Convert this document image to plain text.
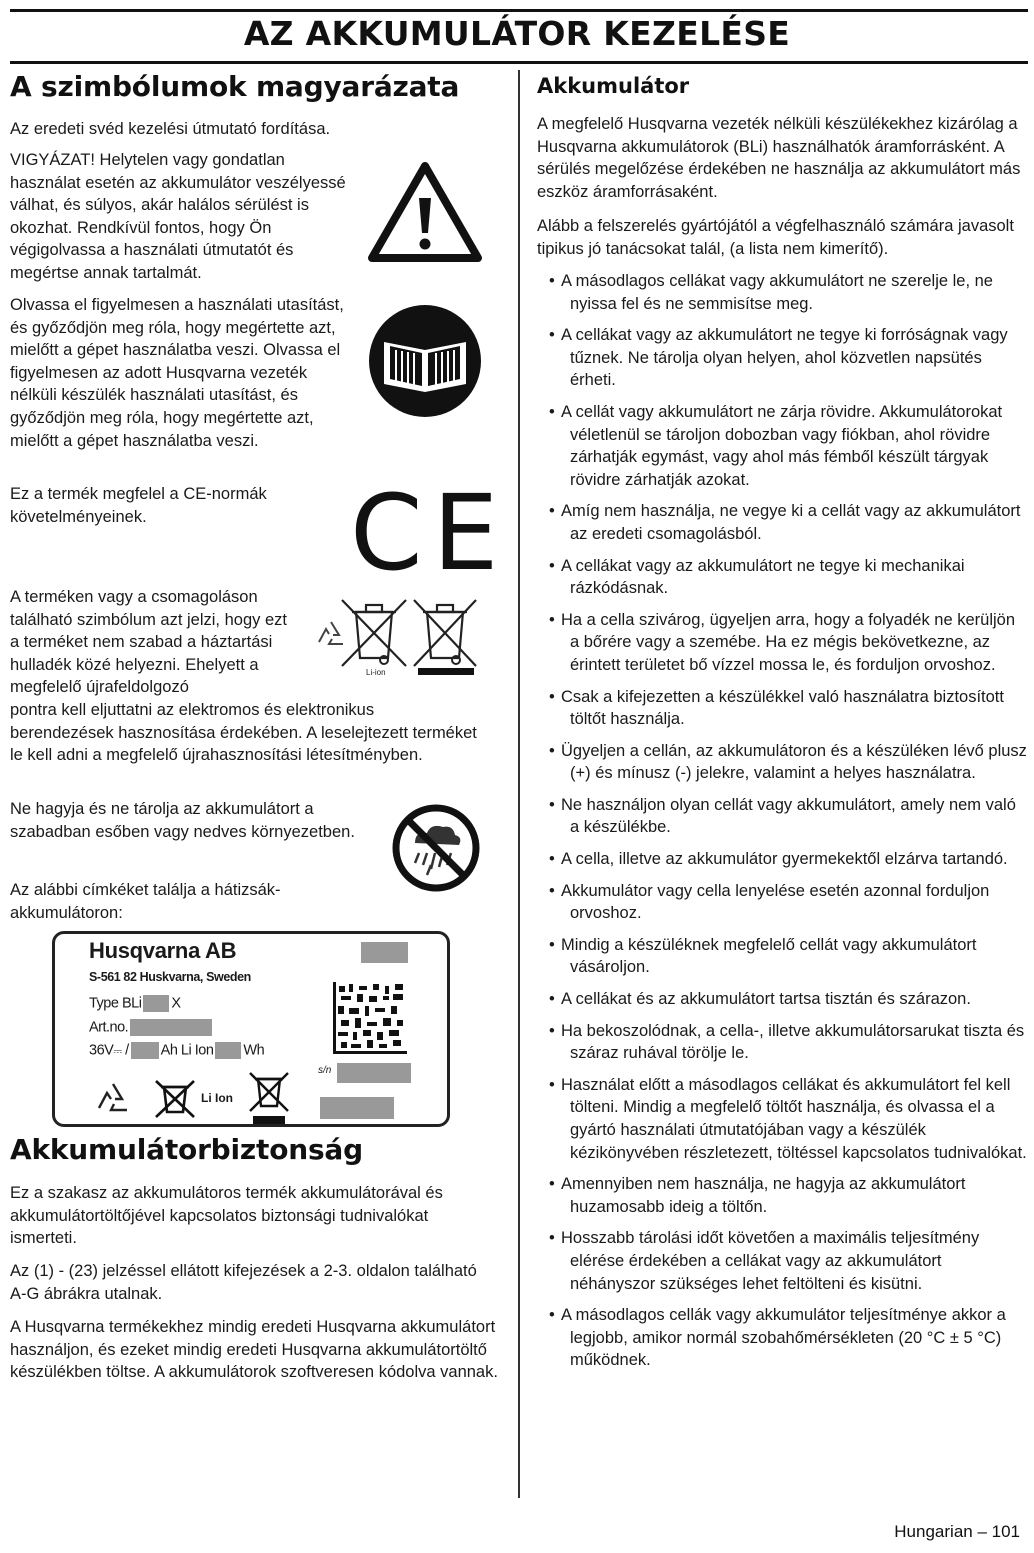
AZ AKKUMULÁTOR KEZELÉSE
A szimbólumok magyarázata
Az eredeti svéd kezelési útmutató fordítása.
VIGYÁZAT! Helytelen vagy gondatlan használat esetén az akkumulátor veszélyessé válhat, és súlyos, akár halálos sérülést is okozhat. Rendkívül fontos, hogy Ön végigolvassa a használati útmutatót és megértse annak tartalmát.
Olvassa el figyelmesen a használati utasítást, és győződjön meg róla, hogy megértette azt, mielőtt a gépet használatba veszi. Olvassa el figyelmesen az adott Husqvarna vezeték nélküli készülék használati utasítást, és győződjön meg róla, hogy megértette azt, mielőtt a gépet használatba veszi.
Ez a termék megfelel a CE-normák követelményeinek.	CE
A terméken vagy a csomagoláson található szimbólum azt jelzi, hogy ezt a terméket nem szabad a háztartási hulladék közé helyezni. Ehelyett a megfelelő újrafeldolgozó
Li-ion
pontra kell eljuttatni az elektromos és elektronikus berendezések hasznosítása érdekében. A leselejtezett terméket le kell adni a megfelelő újrahasznosítási létesítményben.
Ne hagyja és ne tárolja az akkumulátort a szabadban esőben vagy nedves környezetben.
Az alábbi címkéket találja a hátizsák-akkumulátoron:
Husqvarna AB
S-561 82 Huskvarna, Sweden
Type BLi X
Art.no.
36V⎓ / Ah Li Ion Wh
s/n
Li Ion
Akkumulátorbiztonság
Ez a szakasz az akkumulátoros termék akkumulátorával és akkumulátortöltőjével kapcsolatos biztonsági tudnivalókat ismerteti.
Az (1) - (23) jelzéssel ellátott kifejezések a 2-3. oldalon található A-G ábrákra utalnak.
A Husqvarna termékekhez mindig eredeti Husqvarna akkumulátort használjon, és ezeket mindig eredeti Husqvarna akkumulátortöltő készülékben töltse. A akkumulátorok szoftveresen kódolva vannak.
Akkumulátor
A megfelelő Husqvarna vezeték nélküli készülékekhez kizárólag a Husqvarna akkumulátorok (BLi) használhatók áramforrásként. A sérülés megelőzése érdekében ne használja az akkumulátort más eszköz áramforrásaként.
Alább a felszerelés gyártójától a végfelhasználó számára javasolt tipikus jó tanácsokat talál, (a lista nem kimerítő).
• A másodlagos cellákat vagy akkumulátort ne szerelje le, ne nyissa fel és ne semmisítse meg.
• A cellákat vagy az akkumulátort ne tegye ki forróságnak vagy tűznek. Ne tárolja olyan helyen, ahol közvetlen napsütés érheti.
• A cellát vagy akkumulátort ne zárja rövidre. Akkumulátorokat véletlenül se tároljon dobozban vagy fiókban, ahol rövidre zárhatják egymást, vagy ahol más fémből készült tárgyak rövidre zárhatják azokat.
• Amíg nem használja, ne vegye ki a cellát vagy az akkumulátort az eredeti csomagolásból.
• A cellákat vagy az akkumulátort ne tegye ki mechanikai rázkódásnak.
• Ha a cella szivárog, ügyeljen arra, hogy a folyadék ne kerüljön a bőrére vagy a szemébe. Ha ez mégis bekövetkezne, az érintett területet bő vízzel mossa le, és forduljon orvoshoz.
• Csak a kifejezetten a készülékkel való használatra biztosított töltőt használja.
• Ügyeljen a cellán, az akkumulátoron és a készüléken lévő plusz (+) és mínusz (-) jelekre, valamint a helyes használatra.
• Ne használjon olyan cellát vagy akkumulátort, amely nem való a készülékbe.
• A cella, illetve az akkumulátor gyermekektől elzárva tartandó.
• Akkumulátor vagy cella lenyelése esetén azonnal forduljon orvoshoz.
• Mindig a készüléknek megfelelő cellát vagy akkumulátort vásároljon.
• A cellákat és az akkumulátort tartsa tisztán és szárazon.
• Ha bekoszolódnak, a cella-, illetve akkumulátorsarukat tiszta és száraz ruhával törölje le.
• Használat előtt a másodlagos cellákat és akkumulátort fel kell tölteni. Mindig a megfelelő töltőt használja, és olvassa el a gyártó használati útmutatójában vagy a készülék kézikönyvében részletezett, töltéssel kapcsolatos tudnivalókat.
• Amennyiben nem használja, ne hagyja az akkumulátort huzamosabb ideig a töltőn.
• Hosszabb tárolási időt követően a maximális teljesítmény elérése érdekében a cellákat vagy az akkumulátort néhányszor szükséges lehet feltölteni és kisütni.
• A másodlagos cellák vagy akkumulátor teljesítménye akkor a legjobb, amikor normál szobahőmérsékleten (20 °C ± 5 °C) működnek.
Hungarian – 101
